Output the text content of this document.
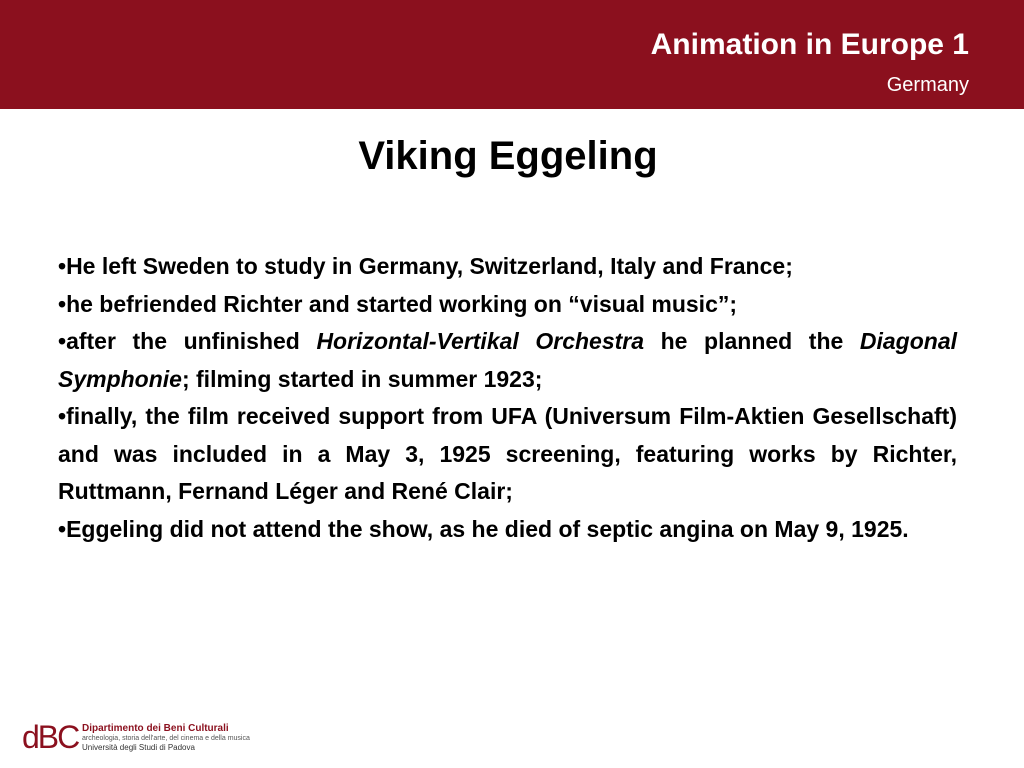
Animation in Europe 1
Germany
Viking Eggeling

•He left Sweden to study in Germany, Switzerland, Italy and France;

•he befriended Richter and started working on “visual music”;

•after the unfinished Horizontal-Vertikal Orchestra he planned the Diagonal Symphonie; filming started in summer 1923;

•finally, the film received support from UFA (Universum Film-Aktien Gesellschaft) and was included in a May 3, 1925 screening, featuring works by Richter, Ruttmann, Fernand Léger and René Clair;

•Eggeling did not attend the show, as he died of septic angina on May 9, 1925.

dBC Dipartimento dei Beni Culturali
archeologia, storia dell'arte, del cinema e della musica
Università degli Studi di Padova
